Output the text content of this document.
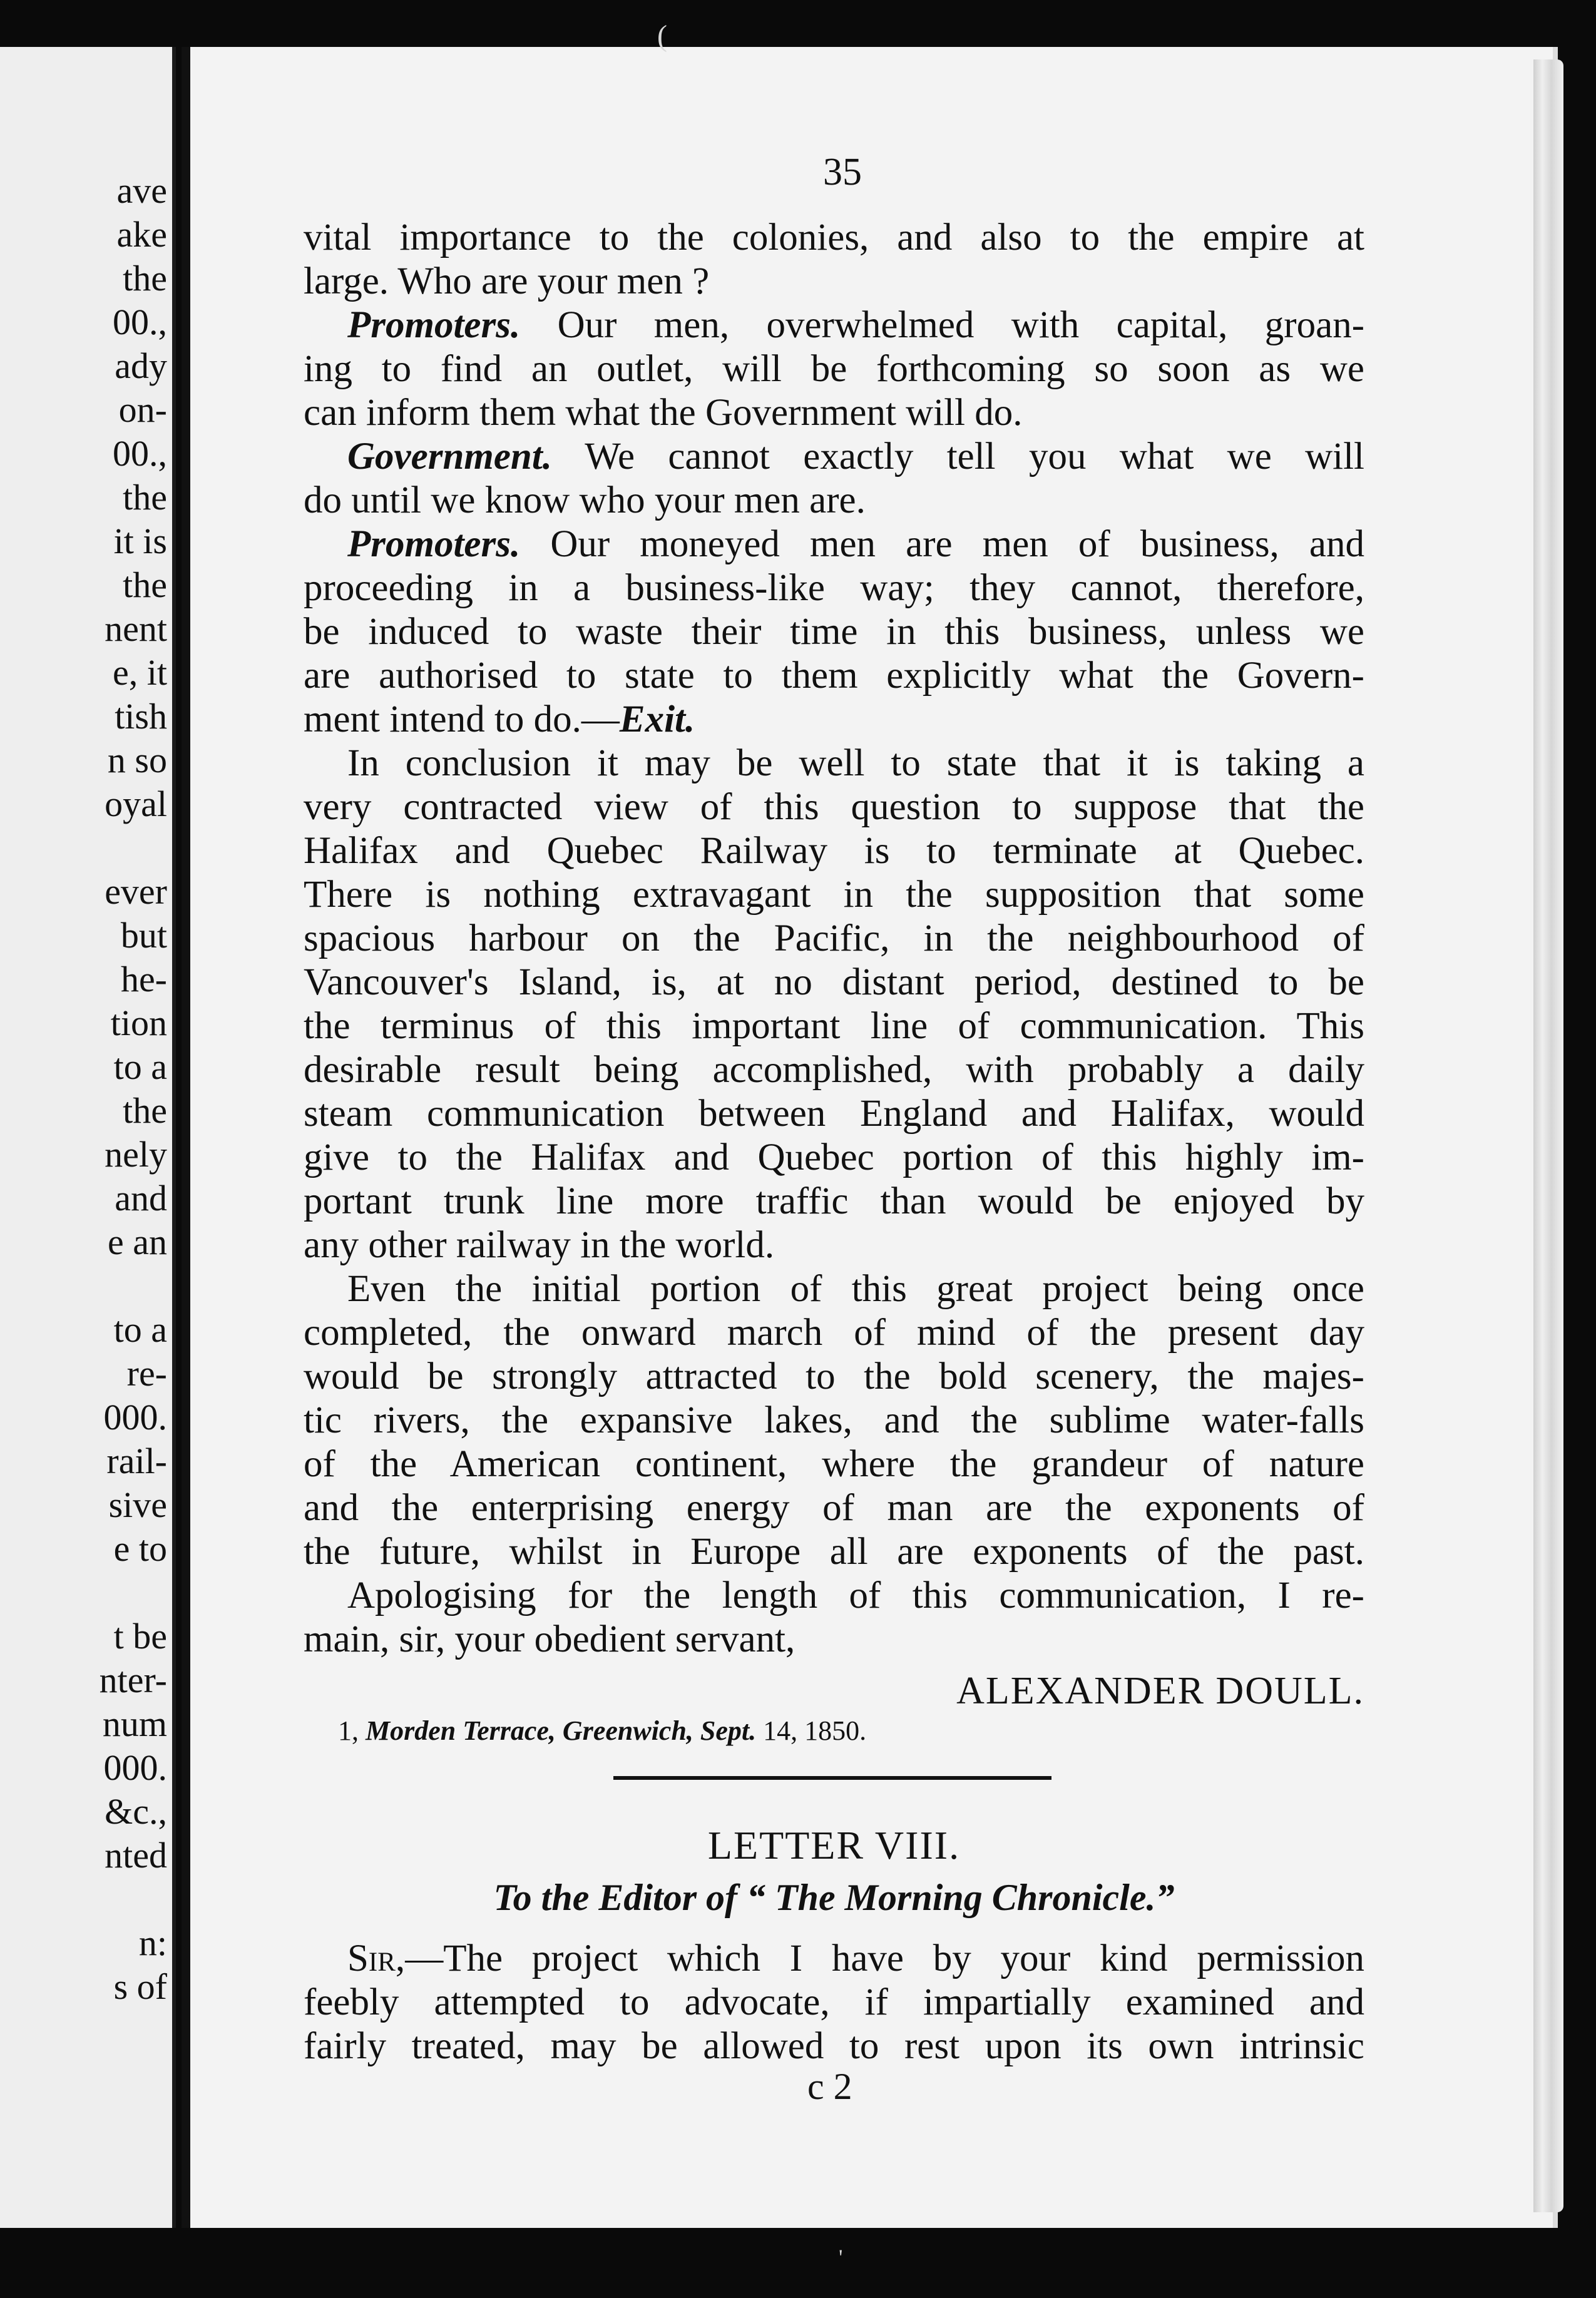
ave
ake
the
00.,
ady
on-
00.,
the
it is
the
nent
e, it
tish
n so
oyal
ever
but
he-
tion
to a
the
nely
and
e an
to a
re-
000.
rail-
sive
e to
t be
nter-
num
000.
&c.,
nted
n:
s of
(
'
35
vital importance to the colonies, and also to the empire at
large. Who are your men ?
Promoters. Our men, overwhelmed with capital, groan-
ing to find an outlet, will be forthcoming so soon as we
can inform them what the Government will do.
Government. We cannot exactly tell you what we will
do until we know who your men are.
Promoters. Our moneyed men are men of business, and
proceeding in a business-like way; they cannot, therefore,
be induced to waste their time in this business, unless we
are authorised to state to them explicitly what the Govern-
ment intend to do.—Exit.
In conclusion it may be well to state that it is taking a
very contracted view of this question to suppose that the
Halifax and Quebec Railway is to terminate at Quebec.
There is nothing extravagant in the supposition that some
spacious harbour on the Pacific, in the neighbourhood of
Vancouver's Island, is, at no distant period, destined to be
the terminus of this important line of communication. This
desirable result being accomplished, with probably a daily
steam communication between England and Halifax, would
give to the Halifax and Quebec portion of this highly im-
portant trunk line more traffic than would be enjoyed by
any other railway in the world.
Even the initial portion of this great project being once
completed, the onward march of mind of the present day
would be strongly attracted to the bold scenery, the majes-
tic rivers, the expansive lakes, and the sublime water-falls
of the American continent, where the grandeur of nature
and the enterprising energy of man are the exponents of
the future, whilst in Europe all are exponents of the past.
Apologising for the length of this communication, I re-
main, sir, your obedient servant,
ALEXANDER DOULL.
1, Morden Terrace, Greenwich, Sept. 14, 1850.
LETTER VIII.
To the Editor of “ The Morning Chronicle.”
Sir,—The project which I have by your kind permission
feebly attempted to advocate, if impartially examined and
fairly treated, may be allowed to rest upon its own intrinsic
c 2
